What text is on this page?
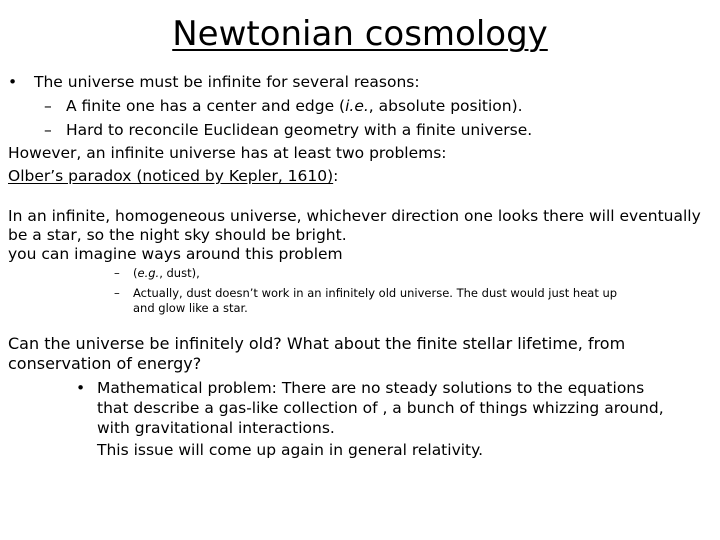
Newtonian cosmology
• The universe must be infinite for several reasons:
– A finite one has a center and edge (i.e., absolute position).
– Hard to reconcile Euclidean geometry with a finite universe.
However, an infinite universe has at least two problems:
Olber’s paradox (noticed by Kepler, 1610):
In an infinite, homogeneous universe, whichever direction one looks there will eventually
be a star, so the night sky should be bright.
you can imagine ways around this problem
– (e.g., dust),
– Actually, dust doesn’t work in an infinitely old universe. The dust would just heat up
and glow like a star.
Can the universe be infinitely old? What about the finite stellar lifetime, from
conservation of energy?
• Mathematical problem: There are no steady solutions to the equations
that describe a gas-like collection of , a bunch of things whizzing around,
with gravitational interactions.
This issue will come up again in general relativity.
